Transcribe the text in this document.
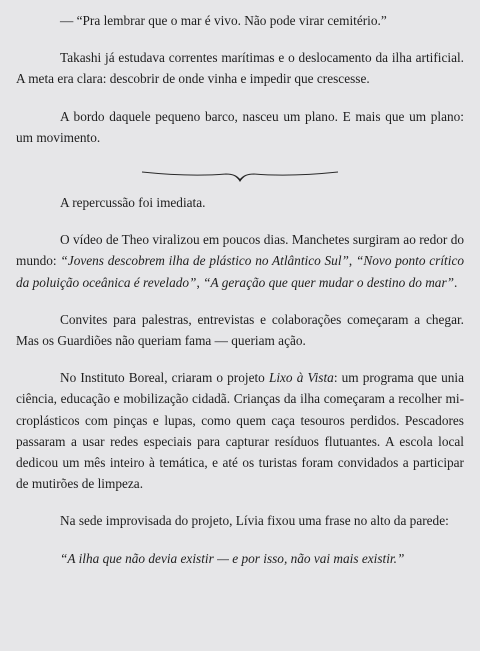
— “Pra lembrar que o mar é vivo. Não pode virar cemitério.”

Takashi já estudava correntes marítimas e o deslocamento da ilha artificial. A meta era clara: descobrir de onde vinha e impedir que crescesse.

A bordo daquele pequeno barco, nasceu um plano. E mais que um plano: um movimento.

A repercussão foi imediata.

O vídeo de Theo viralizou em poucos dias. Manchetes surgiram ao redor do mundo: “Jovens descobrem ilha de plástico no Atlântico Sul”, “Novo ponto crítico da poluição oceânica é revelado”, “A geração que quer mudar o destino do mar”.

Convites para palestras, entrevistas e colaborações começaram a chegar. Mas os Guardiões não queriam fama — queriam ação.

No Instituto Boreal, criaram o projeto Lixo à Vista: um programa que unia ciência, educação e mobilização cidadã. Crianças da ilha começaram a recolher microplásticos com pinças e lupas, como quem caça tesouros perdidos. Pescadores passaram a usar redes especiais para capturar resíduos flutuantes. A escola local dedicou um mês inteiro à temática, e até os turistas foram convidados a participar de mutirões de limpeza.

Na sede improvisada do projeto, Lívia fixou uma frase no alto da parede:

“A ilha que não devia existir — e por isso, não vai mais existir.”
